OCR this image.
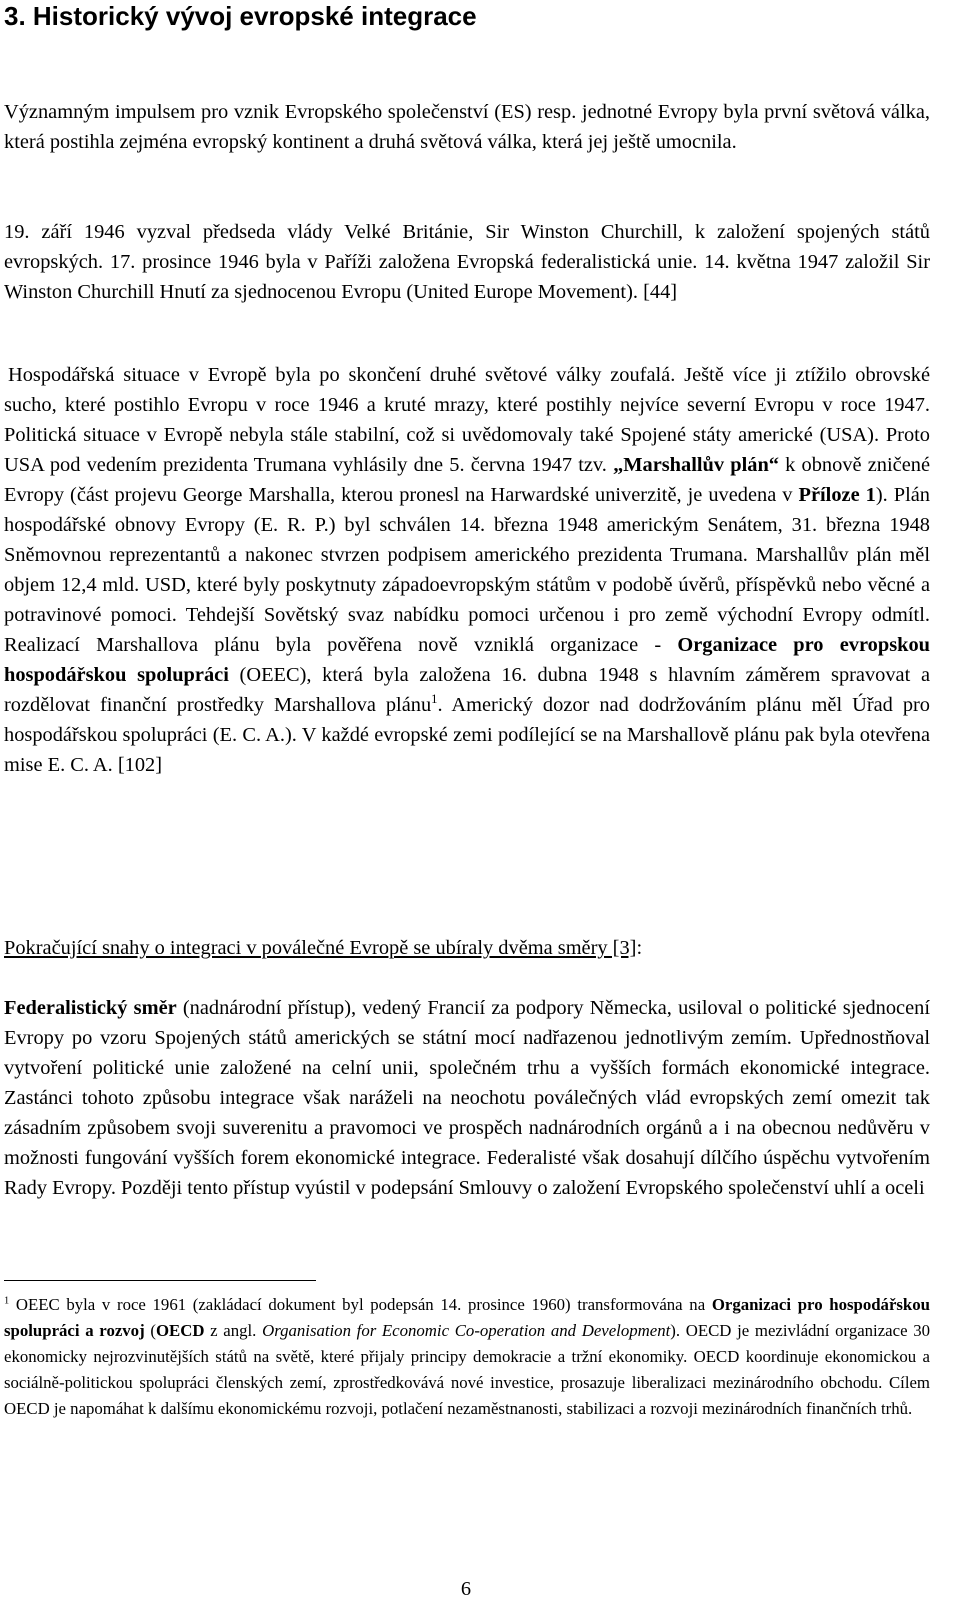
3. Historický vývoj evropské integrace

Významným impulsem pro vznik Evropského společenství (ES) resp. jednotné Evropy byla první světová válka, která postihla zejména evropský kontinent a druhá světová válka, která jej ještě umocnila.

19. září 1946 vyzval předseda vlády Velké Británie, Sir Winston Churchill, k založení spojených států evropských. 17. prosince 1946 byla v Paříži založena Evropská federalistická unie. 14. května 1947 založil Sir Winston Churchill Hnutí za sjednocenou Evropu (United Europe Movement). [44]

Hospodářská situace v Evropě byla po skončení druhé světové války zoufalá. Ještě více ji ztížilo obrovské sucho, které postihlo Evropu v roce 1946 a kruté mrazy, které postihly nejvíce severní Evropu v roce 1947. Politická situace v Evropě nebyla stále stabilní, což si uvědomovaly také Spojené státy americké (USA). Proto USA pod vedením prezidenta Trumana vyhlásily dne 5. června 1947 tzv. „Marshallův plán“ k obnově zničené Evropy (část projevu George Marshalla, kterou pronesl na Harwardské univerzitě, je uvedena v Příloze 1). Plán hospodářské obnovy Evropy (E. R. P.) byl schválen 14. března 1948 americkým Senátem, 31. března 1948 Sněmovnou reprezentantů a nakonec stvrzen podpisem amerického prezidenta Trumana. Marshallův plán měl objem 12,4 mld. USD, které byly poskytnuty západoevropským státům v podobě úvěrů, příspěvků nebo věcné a potravinové pomoci. Tehdejší Sovětský svaz nabídku pomoci určenou i pro země východní Evropy odmítl. Realizací Marshallova plánu byla pověřena nově vzniklá organizace - Organizace pro evropskou hospodářskou spolupráci (OEEC), která byla založena 16. dubna 1948 s hlavním záměrem spravovat a rozdělovat finanční prostředky Marshallova plánu$^1$. Americký dozor nad dodržováním plánu měl Úřad pro hospodářskou spolupráci (E. C. A.). V každé evropské zemi podílející se na Marshallově plánu pak byla otevřena mise E. C. A. [102]

Pokračující snahy o integraci v poválečné Evropě se ubíraly dvěma směry [3]:

Federalistický směr (nadnárodní přístup), vedený Francií za podpory Německa, usiloval o politické sjednocení Evropy po vzoru Spojených států amerických se státní mocí nadřazenou jednotlivým zemím. Upřednostňoval vytvoření politické unie založené na celní unii, společném trhu a vyšších formách ekonomické integrace. Zastánci tohoto způsobu integrace však naráželi na neochotu poválečných vlád evropských zemí omezit tak zásadním způsobem svoji suverenitu a pravomoci ve prospěch nadnárodních orgánů a i na obecnou nedůvěru v možnosti fungování vyšších forem ekonomické integrace. Federalisté však dosahují dílčího úspěchu vytvořením Rady Evropy. Později tento přístup vyústil v podepsání Smlouvy o založení Evropského společenství uhlí a oceli

$^1$ OEEC byla v roce 1961 (zakládací dokument byl podepsán 14. prosince 1960) transformována na Organizaci pro hospodářskou spolupráci a rozvoj (OECD z angl. Organisation for Economic Co-operation and Development). OECD je mezivládní organizace 30 ekonomicky nejrozvinutějších států na světě, které přijaly principy demokracie a tržní ekonomiky. OECD koordinuje ekonomickou a sociálně-politickou spolupráci členských zemí, zprostředkovává nové investice, prosazuje liberalizaci mezinárodního obchodu. Cílem OECD je napomáhat k dalšímu ekonomickému rozvoji, potlačení nezaměstnanosti, stabilizaci a rozvoji mezinárodních finančních trhů.

6
